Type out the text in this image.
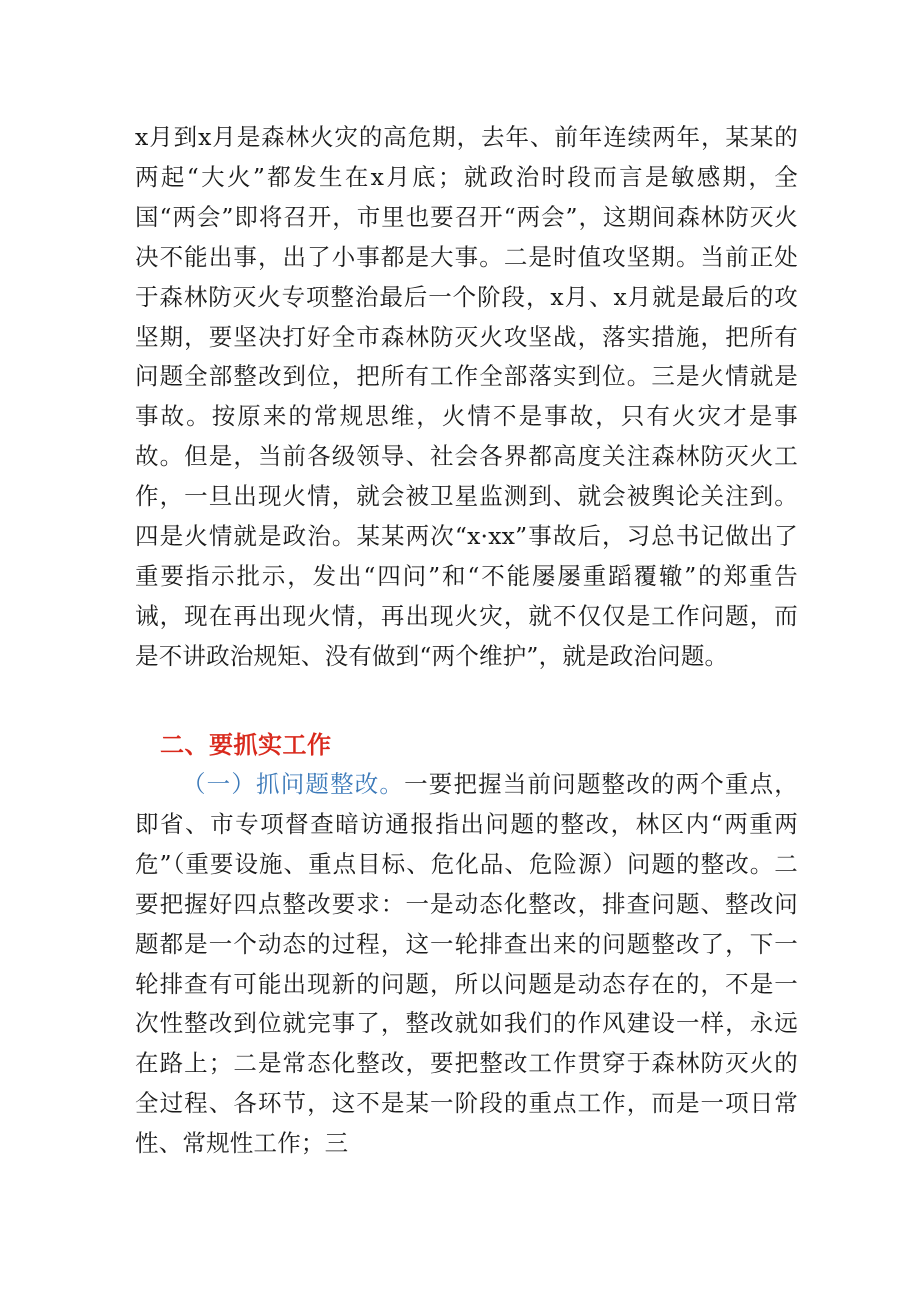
x月到x月是森林火灾的高危期，去年、前年连续两年，某某的两起“大火”都发生在x月底；就政治时段而言是敏感期，全国“两会”即将召开，市里也要召开“两会”，这期间森林防灭火决不能出事，出了小事都是大事。二是时值攻坚期。当前正处于森林防灭火专项整治最后一个阶段，x月、x月就是最后的攻坚期，要坚决打好全市森林防灭火攻坚战，落实措施，把所有问题全部整改到位，把所有工作全部落实到位。三是火情就是事故。按原来的常规思维，火情不是事故，只有火灾才是事故。但是，当前各级领导、社会各界都高度关注森林防灭火工作，一旦出现火情，就会被卫星监测到、就会被舆论关注到。四是火情就是政治。某某两次“x·xx”事故后，习总书记做出了重要指示批示，发出“四问”和“不能屡屡重蹈覆辙”的郑重告诫，现在再出现火情，再出现火灾，就不仅仅是工作问题，而是不讲政治规矩、没有做到“两个维护”，就是政治问题。

二、要抓实工作

（一）抓问题整改。一要把握当前问题整改的两个重点，即省、市专项督查暗访通报指出问题的整改，林区内“两重两危”（重要设施、重点目标、危化品、危险源）问题的整改。二要把握好四点整改要求：一是动态化整改，排查问题、整改问题都是一个动态的过程，这一轮排查出来的问题整改了，下一轮排查有可能出现新的问题，所以问题是动态存在的，不是一次性整改到位就完事了，整改就如我们的作风建设一样，永远在路上；二是常态化整改，要把整改工作贯穿于森林防灭火的全过程、各环节，这不是某一阶段的重点工作，而是一项日常性、常规性工作；三
